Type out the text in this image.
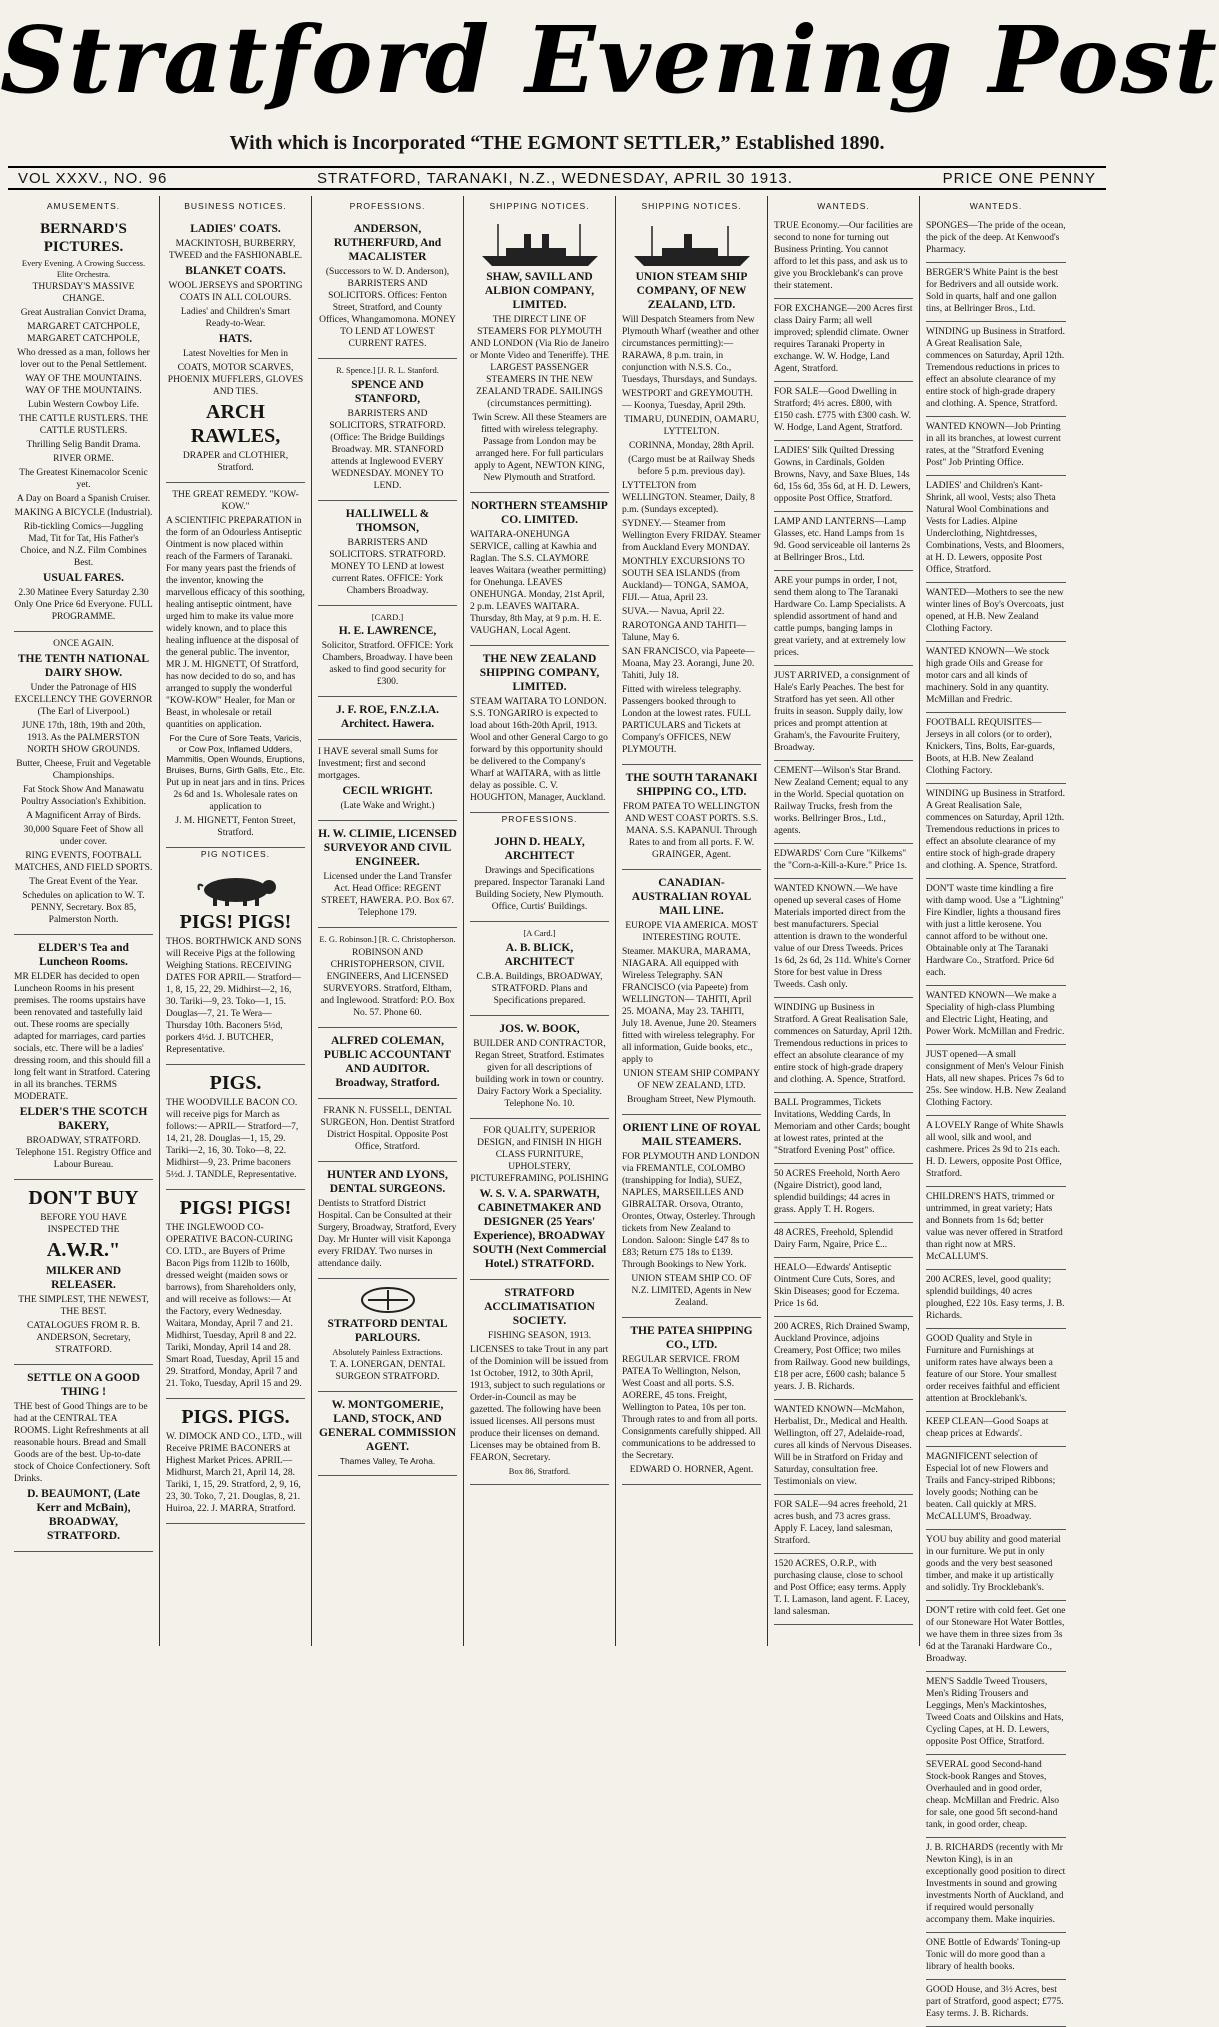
Stratford Evening Post
With which is Incorporated “THE EGMONT SETTLER,” Established 1890.
VOL XXXV., NO. 96	STRATFORD, TARANAKI, N.Z., WEDNESDAY, APRIL 30 1913.	PRICE ONE PENNY
AMUSEMENTS.
BERNARD'S PICTURES.

Every Evening. A Crowing Success. Elite Orchestra.

THURSDAY'S MASSIVE CHANGE.

Great Australian Convict Drama,

MARGARET CATCHPOLE, MARGARET CATCHPOLE,

Who dressed as a man, follows her lover out to the Penal Settlement.

WAY OF THE MOUNTAINS. WAY OF THE MOUNTAINS.

Lubin Western Cowboy Life.

THE CATTLE RUSTLERS. THE CATTLE RUSTLERS.

Thrilling Selig Bandit Drama.

RIVER ORME.

The Greatest Kinemacolor Scenic yet.

A Day on Board a Spanish Cruiser.

MAKING A BICYCLE (Industrial).

Rib-tickling Comics—Juggling Mad, Tit for Tat, His Father's Choice, and N.Z. Film Combines Best.

USUAL FARES.

2.30 Matinee Every Saturday 2.30 Only One Price 6d Everyone. FULL PROGRAMME.

ONCE AGAIN.

THE TENTH NATIONAL DAIRY SHOW.

Under the Patronage of HIS EXCELLENCY THE GOVERNOR (The Earl of Liverpool.)

JUNE 17th, 18th, 19th and 20th, 1913. As the PALMERSTON NORTH SHOW GROUNDS.

Butter, Cheese, Fruit and Vegetable Championships.

Fat Stock Show And Manawatu Poultry Association's Exhibition.

A Magnificent Array of Birds.

30,000 Square Feet of Show all under cover.

RING EVENTS, FOOTBALL MATCHES, AND FIELD SPORTS.

The Great Event of the Year.

Schedules on aplication to W. T. PENNY, Secretary. Box 85, Palmerston North.

ELDER'S Tea and Luncheon Rooms.

MR ELDER has decided to open Luncheon Rooms in his present premises. The rooms upstairs have been renovated and tastefully laid out. These rooms are specially adapted for marriages, card parties socials, etc. There will be a ladies' dressing room, and this should fill a long felt want in Stratford. Catering in all its branches. TERMS MODERATE.

ELDER'S THE SCOTCH BAKERY,

BROADWAY, STRATFORD. Telephone 151. Registry Office and Labour Bureau.

DON'T BUY

BEFORE YOU HAVE INSPECTED THE

A.W.R."

MILKER AND RELEASER.

THE SIMPLEST, THE NEWEST, THE BEST.

CATALOGUES FROM R. B. ANDERSON, Secretary, STRATFORD.

SETTLE ON A GOOD THING !

THE best of Good Things are to be had at the CENTRAL TEA ROOMS. Light Refreshments at all reasonable hours. Bread and Small Goods are of the best. Up-to-date stock of Choice Confectionery. Soft Drinks.

D. BEAUMONT, (Late Kerr and McBain), BROADWAY, STRATFORD.

BUSINESS NOTICES.

LADIES' COATS.

MACKINTOSH, BURBERRY, TWEED and the FASHIONABLE.

BLANKET COATS.

WOOL JERSEYS and SPORTING COATS IN ALL COLOURS.

Ladies' and Children's Smart Ready-to-Wear.

HATS.

Latest Novelties for Men in

COATS, MOTOR SCARVES, PHOENIX MUFFLERS, GLOVES AND TIES.

ARCH RAWLES,

DRAPER and CLOTHIER, Stratford.

THE GREAT REMEDY. "KOW-KOW."

A SCIENTIFIC PREPARATION in the form of an Odourless Antiseptic Ointment is now placed within reach of the Farmers of Taranaki. For many years past the friends of the inventor, knowing the marvellous efficacy of this soothing, healing antiseptic ointment, have urged him to make its value more widely known, and to place this healing influence at the disposal of the general public. The inventor, MR J. M. HIGNETT, Of Stratford, has now decided to do so, and has arranged to supply the wonderful "KOW-KOW" Healer, for Man or Beast, in wholesale or retail quantities on application.

For the Cure of Sore Teats, Varicis, or Cow Pox, Inflamed Udders, Mammitis, Open Wounds, Eruptions, Bruises, Burns, Girth Galls, Etc., Etc.

Put up in neat jars and in tins. Prices 2s 6d and 1s. Wholesale rates on application to

J. M. HIGNETT, Fenton Street, Stratford.

PIG NOTICES.

PIGS! PIGS!

THOS. BORTHWICK AND SONS will Receive Pigs at the following Weighing Stations. RECEIVING DATES FOR APRIL— Stratford—1, 8, 15, 22, 29. Midhirst—2, 16, 30. Tariki—9, 23. Toko—1, 15. Douglas—7, 21. Te Wera—Thursday 10th. Baconers 5½d, porkers 4½d. J. BUTCHER, Representative.

PIGS.

THE WOODVILLE BACON CO. will receive pigs for March as follows:— APRIL— Stratford—7, 14, 21, 28. Douglas—1, 15, 29. Tariki—2, 16, 30. Toko—8, 22. Midhirst—9, 23. Prime baconers 5½d. J. TANDLE, Representative.

PIGS! PIGS!

THE INGLEWOOD CO-OPERATIVE BACON-CURING CO. LTD., are Buyers of Prime Bacon Pigs from 112lb to 160lb, dressed weight (maiden sows or barrows), from Shareholders only, and will receive as follows:— At the Factory, every Wednesday. Waitara, Monday, April 7 and 21. Midhirst, Tuesday, April 8 and 22. Tariki, Monday, April 14 and 28. Smart Road, Tuesday, April 15 and 29. Stratford, Monday, April 7 and 21. Toko, Tuesday, April 15 and 29.

PIGS. PIGS.

W. DIMOCK AND CO., LTD., will Receive PRIME BACONERS at Highest Market Prices. APRIL— Midhurst, March 21, April 14, 28. Tariki, 1, 15, 29. Stratford, 2, 9, 16, 23, 30. Toko, 7, 21. Douglas, 8, 21. Huiroa, 22. J. MARRA, Stratford.

PROFESSIONS.

ANDERSON, RUTHERFURD, And MACALISTER

(Successors to W. D. Anderson), BARRISTERS AND SOLICITORS. Offices: Fenton Street, Stratford, and County Offices, Whangamomona. MONEY TO LEND AT LOWEST CURRENT RATES.

R. Spence.] [J. R. L. Stanford.

SPENCE AND STANFORD,

BARRISTERS AND SOLICITORS, STRATFORD. (Office: The Bridge Buildings Broadway. MR. STANFORD attends at Inglewood EVERY WEDNESDAY. MONEY TO LEND.

HALLIWELL & THOMSON,

BARRISTERS AND SOLICITORS. STRATFORD. MONEY TO LEND at lowest current Rates. OFFICE: York Chambers Broadway.

[CARD.]

H. E. LAWRENCE,

Solicitor, Stratford. OFFICE: York Chambers, Broadway. I have been asked to find good security for £300.

J. F. ROE, F.N.Z.I.A. Architect. Hawera.

I HAVE several small Sums for Investment; first and second mortgages.

CECIL WRIGHT.

(Late Wake and Wright.)

H. W. CLIMIE, LICENSED SURVEYOR AND CIVIL ENGINEER.

Licensed under the Land Transfer Act. Head Office: REGENT STREET, HAWERA. P.O. Box 67. Telephone 179.

E. G. Robinson.] [R. C. Christopherson.

ROBINSON AND CHRISTOPHERSON, CIVIL ENGINEERS, And LICENSED SURVEYORS. Stratford, Eltham, and Inglewood. Stratford: P.O. Box No. 57. Phone 60.

ALFRED COLEMAN, PUBLIC ACCOUNTANT AND AUDITOR. Broadway, Stratford.

FRANK N. FUSSELL, DENTAL SURGEON, Hon. Dentist Stratford District Hospital. Opposite Post Office, Stratford.

HUNTER AND LYONS, DENTAL SURGEONS.

Dentists to Stratford District Hospital. Can be Consulted at their Surgery, Broadway, Stratford, Every Day. Mr Hunter will visit Kaponga every FRIDAY. Two nurses in attendance daily.

STRATFORD DENTAL PARLOURS.

Absolutely Painless Extractions.

T. A. LONERGAN, DENTAL SURGEON STRATFORD.

W. MONTGOMERIE, LAND, STOCK, AND GENERAL COMMISSION AGENT.

Thames Valley, Te Aroha.

SHIPPING NOTICES.

SHAW, SAVILL AND ALBION COMPANY, LIMITED.

THE DIRECT LINE OF STEAMERS FOR PLYMOUTH AND LONDON (Via Rio de Janeiro or Monte Video and Teneriffe). THE LARGEST PASSENGER STEAMERS IN THE NEW ZEALAND TRADE. SAILINGS (circumstances permitting).

Twin Screw. All these Steamers are fitted with wireless telegraphy. Passage from London may be arranged here. For full particulars apply to Agent, NEWTON KING, New Plymouth and Stratford.

NORTHERN STEAMSHIP CO. LIMITED.

WAITARA-ONEHUNGA SERVICE, calling at Kawhia and Raglan. The S.S. CLAYMORE leaves Waitara (weather permitting) for Onehunga. LEAVES ONEHUNGA. Monday, 21st April, 2 p.m. LEAVES WAITARA. Thursday, 8th May, at 9 p.m. H. E. VAUGHAN, Local Agent.

THE NEW ZEALAND SHIPPING COMPANY, LIMITED.

STEAM WAITARA TO LONDON. S.S. TONGARIRO is expected to load about 16th-20th April, 1913. Wool and other General Cargo to go forward by this opportunity should be delivered to the Company's Wharf at WAITARA, with as little delay as possible. C. V. HOUGHTON, Manager, Auckland.

PROFESSIONS.

JOHN D. HEALY, ARCHITECT

Drawings and Specifications prepared. Inspector Taranaki Land Building Society, New Plymouth. Office, Curtis' Buildings.

[A Card.]

A. B. BLICK, ARCHITECT

C.B.A. Buildings, BROADWAY, STRATFORD. Plans and Specifications prepared.

JOS. W. BOOK,

BUILDER AND CONTRACTOR, Regan Street, Stratford. Estimates given for all descriptions of building work in town or country. Dairy Factory Work a Speciality. Telephone No. 10.

FOR QUALITY, SUPERIOR DESIGN, and FINISH IN HIGH CLASS FURNITURE, UPHOLSTERY, PICTUREFRAMING, POLISHING

W. S. V. A. SPARWATH, CABINETMAKER AND DESIGNER (25 Years' Experience), BROADWAY SOUTH (Next Commercial Hotel.) STRATFORD.

STRATFORD ACCLIMATISATION SOCIETY.

FISHING SEASON, 1913.

LICENSES to take Trout in any part of the Dominion will be issued from 1st October, 1912, to 30th April, 1913, subject to such regulations or Order-in-Council as may be gazetted. The following have been issued licenses. All persons must produce their licenses on demand. Licenses may be obtained from B. FEARON, Secretary.

Box 86, Stratford.

SHIPPING NOTICES.

UNION STEAM SHIP COMPANY, OF NEW ZEALAND, LTD.

Will Despatch Steamers from New Plymouth Wharf (weather and other circumstances permitting):— RARAWA, 8 p.m. train, in conjunction with N.S.S. Co., Tuesdays, Thursdays, and Sundays.

WESTPORT and GREYMOUTH.— Koonya, Tuesday, April 29th.

TIMARU, DUNEDIN, OAMARU, LYTTELTON.

CORINNA, Monday, 28th April.

(Cargo must be at Railway Sheds before 5 p.m. previous day).

LYTTELTON from WELLINGTON. Steamer, Daily, 8 p.m. (Sundays excepted).

SYDNEY.— Steamer from Wellington Every FRIDAY. Steamer from Auckland Every MONDAY.

MONTHLY EXCURSIONS TO SOUTH SEA ISLANDS (from Auckland)— TONGA, SAMOA, FIJI.— Atua, April 23.

SUVA.— Navua, April 22.

RAROTONGA AND TAHITI— Talune, May 6.

SAN FRANCISCO, via Papeete— Moana, May 23. Aorangi, June 20. Tahiti, July 18.

Fitted with wireless telegraphy. Passengers booked through to London at the lowest rates. FULL PARTICULARS and Tickets at Company's OFFICES, NEW PLYMOUTH.

THE SOUTH TARANAKI SHIPPING CO., LTD.

FROM PATEA TO WELLINGTON AND WEST COAST PORTS. S.S. MANA. S.S. KAPANUI. Through Rates to and from all ports. F. W. GRAINGER, Agent.

CANADIAN-AUSTRALIAN ROYAL MAIL LINE.

EUROPE VIA AMERICA. MOST INTERESTING ROUTE.

Steamer. MAKURA, MARAMA, NIAGARA. All equipped with Wireless Telegraphy. SAN FRANCISCO (via Papeete) from WELLINGTON— TAHITI, April 25. MOANA, May 23. TAHITI, July 18. Avenue, June 20. Steamers fitted with wireless telegraphy. For all information, Guide books, etc., apply to

UNION STEAM SHIP COMPANY OF NEW ZEALAND, LTD.

Brougham Street, New Plymouth.

ORIENT LINE OF ROYAL MAIL STEAMERS.

FOR PLYMOUTH AND LONDON via FREMANTLE, COLOMBO (transhipping for India), SUEZ, NAPLES, MARSEILLES AND GIBRALTAR. Orsova, Otranto, Orontes, Otway, Osterley. Through tickets from New Zealand to London. Saloon: Single £47 8s to £83; Return £75 18s to £139. Through Bookings to New York.

UNION STEAM SHIP CO. OF N.Z. LIMITED, Agents in New Zealand.

THE PATEA SHIPPING CO., LTD.

REGULAR SERVICE. FROM PATEA To Wellington, Nelson, West Coast and all ports. S.S. AORERE, 45 tons. Freight, Wellington to Patea, 10s per ton. Through rates to and from all ports. Consignments carefully shipped. All communications to be addressed to the Secretary.

EDWARD O. HORNER, Agent.

WANTEDS.
TRUE Economy.—Our facilities are second to none for turning out Business Printing. You cannot afford to let this pass, and ask us to give you Brocklebank's can prove their statement.
FOR EXCHANGE—200 Acres first class Dairy Farm; all well improved; splendid climate. Owner requires Taranaki Property in exchange. W. W. Hodge, Land Agent, Stratford.
FOR SALE—Good Dwelling in Stratford; 4½ acres. £800, with £150 cash. £775 with £300 cash. W. W. Hodge, Land Agent, Stratford.
LADIES' Silk Quilted Dressing Gowns, in Cardinals, Golden Browns, Navy, and Saxe Blues, 14s 6d, 15s 6d, 35s 6d, at H. D. Lewers, opposite Post Office, Stratford.
LAMP AND LANTERNS—Lamp Glasses, etc. Hand Lamps from 1s 9d. Good serviceable oil lanterns 2s at Bellringer Bros., Ltd.
ARE your pumps in order, I not, send them along to The Taranaki Hardware Co. Lamp Specialists. A splendid assortment of hand and cattle pumps, banging lamps in great variety, and at extremely low prices.
JUST ARRIVED, a consignment of Hale's Early Peaches. The best for Stratford has yet seen. All other fruits in season. Supply daily, low prices and prompt attention at Graham's, the Favourite Fruitery, Broadway.
CEMENT—Wilson's Star Brand. New Zealand Cement; equal to any in the World. Special quotation on Railway Trucks, fresh from the works. Bellringer Bros., Ltd., agents.
EDWARDS' Corn Cure "Kilkems" the "Corn-a-Kill-a-Kure." Price 1s.
WANTED KNOWN.—We have opened up several cases of Home Materials imported direct from the best manufacturers. Special attention is drawn to the wonderful value of our Dress Tweeds. Prices 1s 6d, 2s 6d, 2s 11d. White's Corner Store for best value in Dress Tweeds. Cash only.
WINDING up Business in Stratford. A Great Realisation Sale, commences on Saturday, April 12th. Tremendous reductions in prices to effect an absolute clearance of my entire stock of high-grade drapery and clothing. A. Spence, Stratford.
BALL Programmes, Tickets Invitations, Wedding Cards, In Memoriam and other Cards; bought at lowest rates, printed at the "Stratford Evening Post" office.
50 ACRES Freehold, North Aero (Ngaire District), good land, splendid buildings; 44 acres in grass. Apply T. H. Rogers.
48 ACRES, Freehold, Splendid Dairy Farm, Ngaire, Price £...
HEALO—Edwards' Antiseptic Ointment Cure Cuts, Sores, and Skin Diseases; good for Eczema. Price 1s 6d.
200 ACRES, Rich Drained Swamp, Auckland Province, adjoins Creamery, Post Office; two miles from Railway. Good new buildings, £18 per acre, £600 cash; balance 5 years. J. B. Richards.
WANTED KNOWN—McMahon, Herbalist, Dr., Medical and Health. Wellington, off 27, Adelaide-road, cures all kinds of Nervous Diseases. Will be in Stratford on Friday and Saturday, consultation free. Testimonials on view.
FOR SALE—94 acres freehold, 21 acres bush, and 73 acres grass. Apply F. Lacey, land salesman, Stratford.
1520 ACRES, O.R.P., with purchasing clause, close to school and Post Office; easy terms. Apply T. I. Lamason, land agent. F. Lacey, land salesman.
WANTEDS.
SPONGES—The pride of the ocean, the pick of the deep. At Kenwood's Pharmacy.
BERGER'S White Paint is the best for Bedrivers and all outside work. Sold in quarts, half and one gallon tins, at Bellringer Bros., Ltd.
WINDING up Business in Stratford. A Great Realisation Sale, commences on Saturday, April 12th. Tremendous reductions in prices to effect an absolute clearance of my entire stock of high-grade drapery and clothing. A. Spence, Stratford.
WANTED KNOWN—Job Printing in all its branches, at lowest current rates, at the "Stratford Evening Post" Job Printing Office.
LADIES' and Children's Kant-Shrink, all wool, Vests; also Theta Natural Wool Combinations and Vests for Ladies. Alpine Underclothing, Nightdresses, Combinations, Vests, and Bloomers, at H. D. Lewers, opposite Post Office, Stratford.
WANTED—Mothers to see the new winter lines of Boy's Overcoats, just opened, at H.B. New Zealand Clothing Factory.
WANTED KNOWN—We stock high grade Oils and Grease for motor cars and all kinds of machinery. Sold in any quantity. McMillan and Fredric.
FOOTBALL REQUISITES—Jerseys in all colors (or to order), Knickers, Tins, Bolts, Ear-guards, Boots, at H.B. New Zealand Clothing Factory.
WINDING up Business in Stratford. A Great Realisation Sale, commences on Saturday, April 12th. Tremendous reductions in prices to effect an absolute clearance of my entire stock of high-grade drapery and clothing. A. Spence, Stratford.
DON'T waste time kindling a fire with damp wood. Use a "Lightning" Fire Kindler, lights a thousand fires with just a little kerosene. You cannot afford to be without one. Obtainable only at The Taranaki Hardware Co., Stratford. Price 6d each.
WANTED KNOWN—We make a Speciality of high-class Plumbing and Electric Light, Heating, and Power Work. McMillan and Fredric.
JUST opened—A small consignment of Men's Velour Finish Hats, all new shapes. Prices 7s 6d to 25s. See window. H.B. New Zealand Clothing Factory.
A LOVELY Range of White Shawls all wool, silk and wool, and cashmere. Prices 2s 9d to 21s each. H. D. Lewers, opposite Post Office, Stratford.
CHILDREN'S HATS, trimmed or untrimmed, in great variety; Hats and Bonnets from 1s 6d; better value was never offered in Stratford than right now at MRS. McCALLUM'S.
200 ACRES, level, good quality; splendid buildings, 40 acres ploughed, £22 10s. Easy terms, J. B. Richards.
GOOD Quality and Style in Furniture and Furnishings at uniform rates have always been a feature of our Store. Your smallest order receives faithful and efficient attention at Brocklebank's.
KEEP CLEAN—Good Soaps at cheap prices at Edwards'.
MAGNIFICENT selection of Especial lot of new Flowers and Trails and Fancy-striped Ribbons; lovely goods; Nothing can be beaten. Call quickly at MRS. McCALLUM'S, Broadway.
YOU buy ability and good material in our furniture. We put in only goods and the very best seasoned timber, and make it up artistically and solidly. Try Brocklebank's.
DON'T retire with cold feet. Get one of our Stoneware Hot Water Bottles, we have them in three sizes from 3s 6d at the Taranaki Hardware Co., Broadway.
MEN'S Saddle Tweed Trousers, Men's Riding Trousers and Leggings, Men's Mackintoshes, Tweed Coats and Oilskins and Hats, Cycling Capes, at H. D. Lewers, opposite Post Office, Stratford.
SEVERAL good Second-hand Stock-book Ranges and Stoves, Overhauled and in good order, cheap. McMillan and Fredric. Also for sale, one good 5ft second-hand tank, in good order, cheap.
J. B. RICHARDS (recently with Mr Newton King), is in an exceptionally good position to direct Investments in sound and growing investments North of Auckland, and if required would personally accompany them. Make inquiries.
ONE Bottle of Edwards' Toning-up Tonic will do more good than a library of health books.
GOOD House, and 3½ Acres, best part of Stratford, good aspect; £775. Easy terms. J. B. Richards.
